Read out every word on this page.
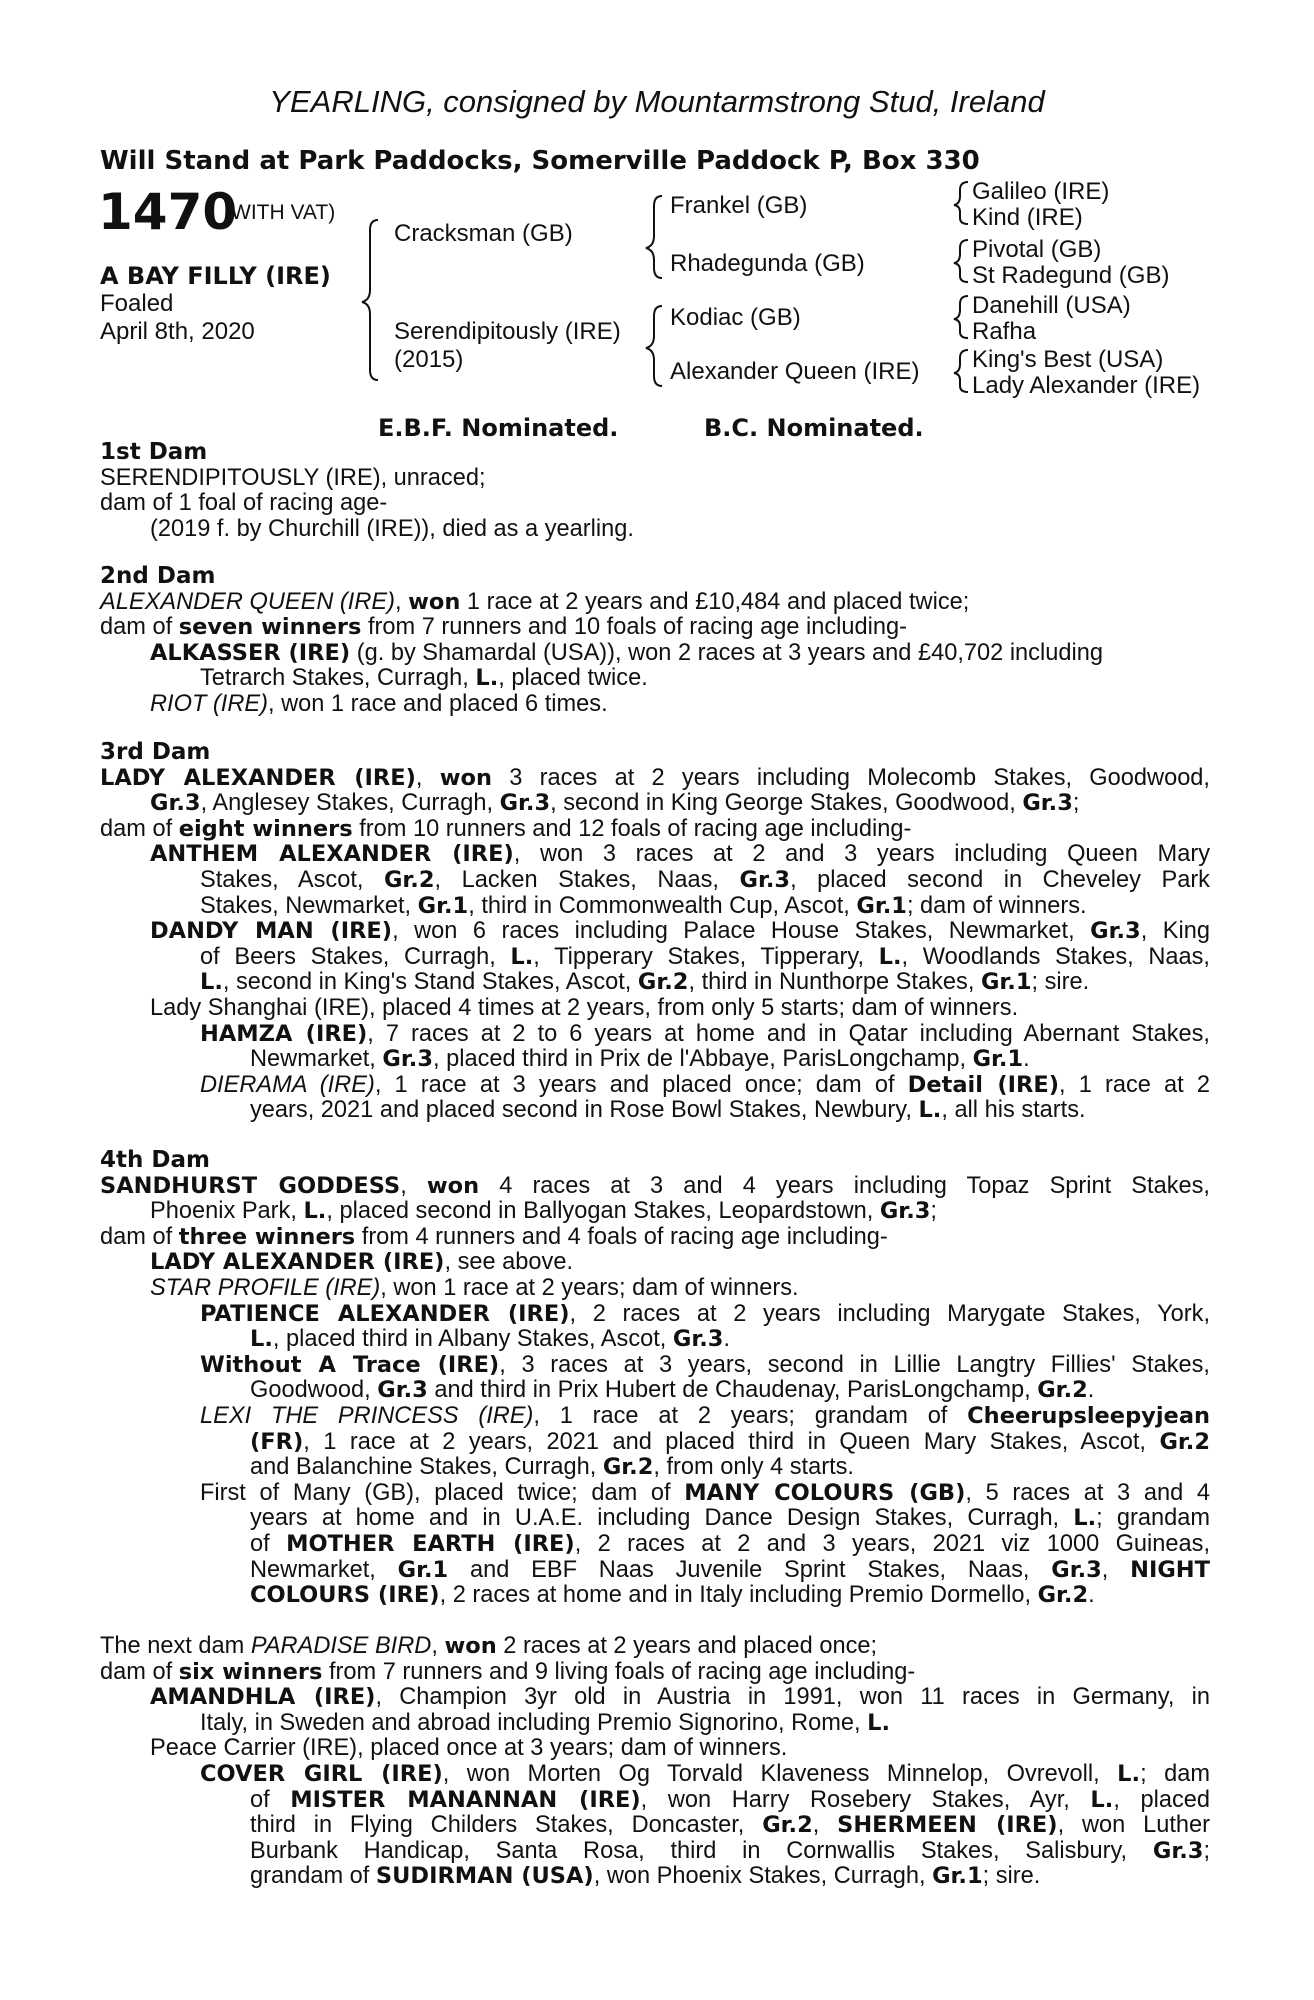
YEARLING, consigned by Mountarmstrong Stud, Ireland
Will Stand at Park Paddocks, Somerville Paddock P, Box 330
1470
(WITH VAT)
A BAY FILLY (IRE)
Foaled
April 8th, 2020
Cracksman (GB)
Serendipitously (IRE)
(2015)
Frankel (GB)
Rhadegunda (GB)
Kodiac (GB)
Alexander Queen (IRE)
Galileo (IRE)
Kind (IRE)
Pivotal (GB)
St Radegund (GB)
Danehill (USA)
Rafha
King's Best (USA)
Lady Alexander (IRE)
E.B.F. Nominated.	B.C. Nominated.
1st Dam
SERENDIPITOUSLY (IRE), unraced;
dam of 1 foal of racing age-
(2019 f. by Churchill (IRE)), died as a yearling.
2nd Dam
ALEXANDER QUEEN (IRE), won 1 race at 2 years and £10,484 and placed twice;
dam of seven winners from 7 runners and 10 foals of racing age including-
ALKASSER (IRE) (g. by Shamardal (USA)), won 2 races at 3 years and £40,702 including
Tetrarch Stakes, Curragh, L., placed twice.
RIOT (IRE), won 1 race and placed 6 times.
3rd Dam
LADY ALEXANDER (IRE), won 3 races at 2 years including Molecomb Stakes, Goodwood,
Gr.3, Anglesey Stakes, Curragh, Gr.3, second in King George Stakes, Goodwood, Gr.3;
dam of eight winners from 10 runners and 12 foals of racing age including-
ANTHEM ALEXANDER (IRE), won 3 races at 2 and 3 years including Queen Mary
Stakes, Ascot, Gr.2, Lacken Stakes, Naas, Gr.3, placed second in Cheveley Park
Stakes, Newmarket, Gr.1, third in Commonwealth Cup, Ascot, Gr.1; dam of winners.
DANDY MAN (IRE), won 6 races including Palace House Stakes, Newmarket, Gr.3, King
of Beers Stakes, Curragh, L., Tipperary Stakes, Tipperary, L., Woodlands Stakes, Naas,
L., second in King's Stand Stakes, Ascot, Gr.2, third in Nunthorpe Stakes, Gr.1; sire.
Lady Shanghai (IRE), placed 4 times at 2 years, from only 5 starts; dam of winners.
HAMZA (IRE), 7 races at 2 to 6 years at home and in Qatar including Abernant Stakes,
Newmarket, Gr.3, placed third in Prix de l'Abbaye, ParisLongchamp, Gr.1.
DIERAMA (IRE), 1 race at 3 years and placed once; dam of Detail (IRE), 1 race at 2
years, 2021 and placed second in Rose Bowl Stakes, Newbury, L., all his starts.
4th Dam
SANDHURST GODDESS, won 4 races at 3 and 4 years including Topaz Sprint Stakes,
Phoenix Park, L., placed second in Ballyogan Stakes, Leopardstown, Gr.3;
dam of three winners from 4 runners and 4 foals of racing age including-
LADY ALEXANDER (IRE), see above.
STAR PROFILE (IRE), won 1 race at 2 years; dam of winners.
PATIENCE ALEXANDER (IRE), 2 races at 2 years including Marygate Stakes, York,
L., placed third in Albany Stakes, Ascot, Gr.3.
Without A Trace (IRE), 3 races at 3 years, second in Lillie Langtry Fillies' Stakes,
Goodwood, Gr.3 and third in Prix Hubert de Chaudenay, ParisLongchamp, Gr.2.
LEXI THE PRINCESS (IRE), 1 race at 2 years; grandam of Cheerupsleepyjean
(FR), 1 race at 2 years, 2021 and placed third in Queen Mary Stakes, Ascot, Gr.2
and Balanchine Stakes, Curragh, Gr.2, from only 4 starts.
First of Many (GB), placed twice; dam of MANY COLOURS (GB), 5 races at 3 and 4
years at home and in U.A.E. including Dance Design Stakes, Curragh, L.; grandam
of MOTHER EARTH (IRE), 2 races at 2 and 3 years, 2021 viz 1000 Guineas,
Newmarket, Gr.1 and EBF Naas Juvenile Sprint Stakes, Naas, Gr.3, NIGHT
COLOURS (IRE), 2 races at home and in Italy including Premio Dormello, Gr.2.
The next dam PARADISE BIRD, won 2 races at 2 years and placed once;
dam of six winners from 7 runners and 9 living foals of racing age including-
AMANDHLA (IRE), Champion 3yr old in Austria in 1991, won 11 races in Germany, in
Italy, in Sweden and abroad including Premio Signorino, Rome, L.
Peace Carrier (IRE), placed once at 3 years; dam of winners.
COVER GIRL (IRE), won Morten Og Torvald Klaveness Minnelop, Ovrevoll, L.; dam
of MISTER MANANNAN (IRE), won Harry Rosebery Stakes, Ayr, L., placed
third in Flying Childers Stakes, Doncaster, Gr.2, SHERMEEN (IRE), won Luther
Burbank Handicap, Santa Rosa, third in Cornwallis Stakes, Salisbury, Gr.3;
grandam of SUDIRMAN (USA), won Phoenix Stakes, Curragh, Gr.1; sire.
